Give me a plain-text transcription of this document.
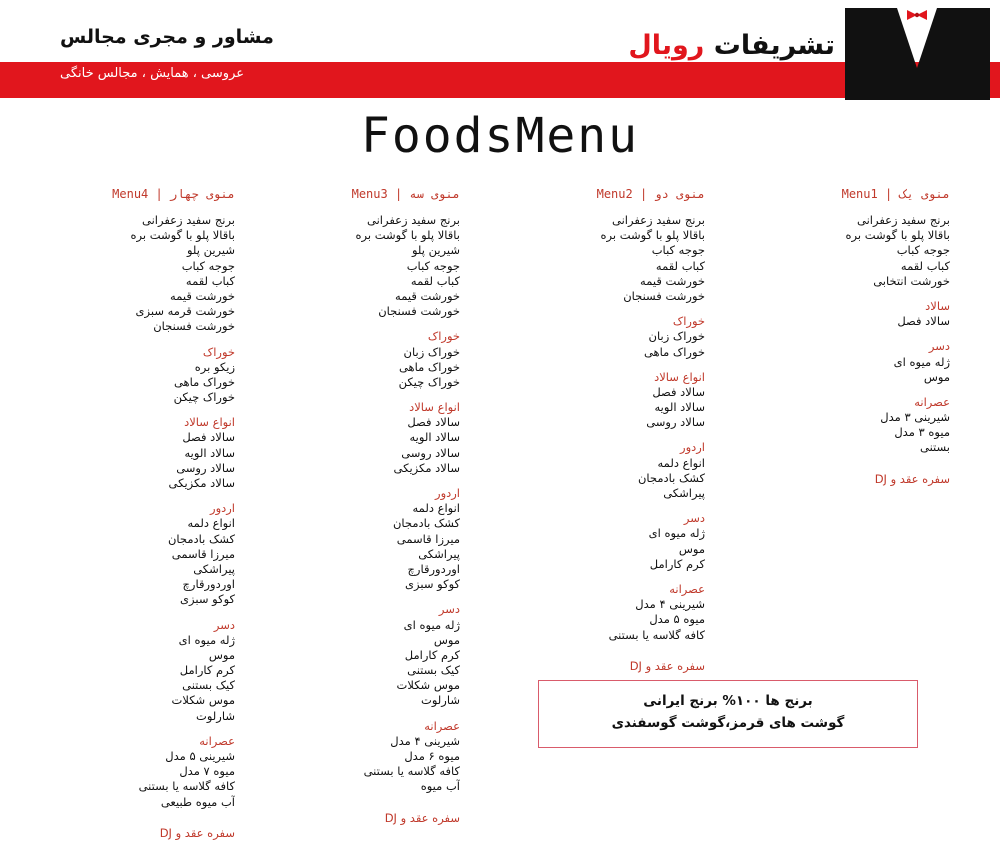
تشریفات رویال
مشاور و مجری مجالس
عروسی ، همایش ، مجالس خانگی
FoodsMenu
منوی یک | Menu1
برنج سفید زعفرانی
باقالا پلو با گوشت بره
جوجه کباب
کباب لقمه
خورشت انتخابی
سالاد
سالاد فصل
دسر
ژله میوه ای
موس
عصرانه
شیرینی ۳ مدل
میوه ۳ مدل
بستنی
سفره عقد و DJ
منوی دو | Menu2
برنج سفید زعفرانی
باقالا پلو با گوشت بره
جوجه کباب
کباب لقمه
خورشت قیمه
خورشت فسنجان
خوراک
خوراک زبان
خوراک ماهی
انواع سالاد
سالاد فصل
سالاد الویه
سالاد روسی
اردور
انواع دلمه
کشک بادمجان
پیراشکی
دسر
ژله میوه ای
موس
کرم کارامل
عصرانه
شیرینی ۴ مدل
میوه ۵ مدل
کافه گلاسه یا بستنی
سفره عقد و DJ
منوی سه | Menu3
برنج سفید زعفرانی
باقالا پلو با گوشت بره
شیرین پلو
جوجه کباب
کباب لقمه
خورشت قیمه
خورشت فسنجان
خوراک
خوراک زبان
خوراک ماهی
خوراک چیکن
انواع سالاد
سالاد فصل
سالاد الویه
سالاد روسی
سالاد مکزیکی
اردور
انواع دلمه
کشک بادمجان
میرزا قاسمی
پیراشکی
اوردورقارچ
کوکو سبزی
دسر
ژله میوه ای
موس
کرم کارامل
کیک بستنی
موس شکلات
شارلوت
عصرانه
شیرینی ۴ مدل
میوه ۶ مدل
کافه گلاسه یا بستنی
آب میوه
سفره عقد و DJ
منوی چهار | Menu4
برنج سفید زعفرانی
باقالا پلو با گوشت بره
شیرین پلو
جوجه کباب
کباب لقمه
خورشت قیمه
خورشت قرمه سبزی
خورشت فسنجان
خوراک
زیکو بره
خوراک ماهی
خوراک چیکن
انواع سالاد
سالاد فصل
سالاد الویه
سالاد روسی
سالاد مکزیکی
اردور
انواع دلمه
کشک بادمجان
میرزا قاسمی
پیراشکی
اوردورقارچ
کوکو سبزی
دسر
ژله میوه ای
موس
کرم کارامل
کیک بستنی
موس شکلات
شارلوت
عصرانه
شیرینی ۵ مدل
میوه ۷ مدل
کافه گلاسه یا بستنی
آب میوه طبیعی
سفره عقد و DJ
برنج ها ۱۰۰% برنج ایرانی
گوشت های قرمز،گوشت گوسفندی
